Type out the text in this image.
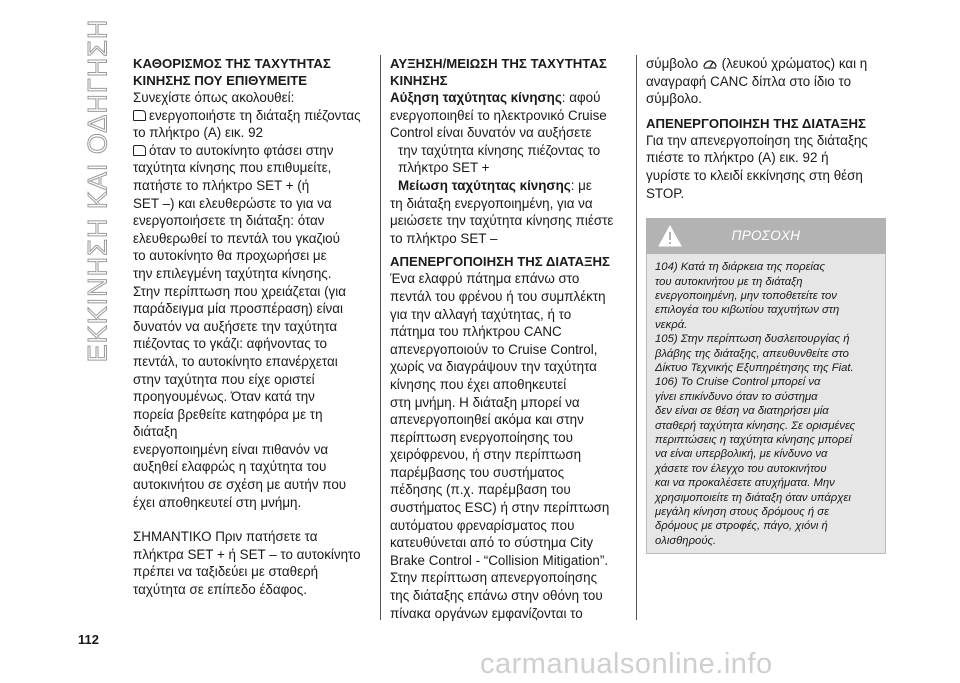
ΕΚΚΙΝΗΣΗ ΚΑΙ ΟΔΗΓΗΣΗ
112
ΚΑΘΟΡΙΣΜΟΣ ΤΗΣ ΤΑΧΥΤΗΤΑΣ
ΚΙΝΗΣΗΣ ΠΟΥ ΕΠΙΘΥΜΕΙΤΕ

Συνεχίστε όπως ακολουθεί:

ενεργοποιήστε τη διάταξη πιέζοντας

το πλήκτρο (A) εικ. 92

όταν το αυτοκίνητο φτάσει στην

ταχύτητα κίνησης που επιθυμείτε,

πατήστε το πλήκτρο SET + (ή

SET –) και ελευθερώστε το για να

ενεργοποιήσετε τη διάταξη: όταν

ελευθερωθεί το πεντάλ του γκαζιού

το αυτοκίνητο θα προχωρήσει με

την επιλεγμένη ταχύτητα κίνησης.

Στην περίπτωση που χρειάζεται (για

παράδειγμα μία προσπέραση) είναι

δυνατόν να αυξήσετε την ταχύτητα

πιέζοντας το γκάζι: αφήνοντας το

πεντάλ, το αυτοκίνητο επανέρχεται

στην ταχύτητα που είχε οριστεί

προηγουμένως. Όταν κατά την

πορεία βρεθείτε κατηφόρα με τη διάταξη

ενεργοποιημένη είναι πιθανόν να

αυξηθεί ελαφρώς η ταχύτητα του

αυτοκινήτου σε σχέση με αυτήν που

έχει αποθηκευτεί στη μνήμη.

ΣΗΜΑΝΤΙΚΟ Πριν πατήσετε τα

πλήκτρα SET + ή SET – το αυτοκίνητο

πρέπει να ταξιδεύει με σταθερή

ταχύτητα σε επίπεδο έδαφος.

ΑΥΞΗΣΗ/ΜΕΙΩΣΗ ΤΗΣ ΤΑΧΥΤΗΤΑΣ
ΚΙΝΗΣΗΣ

Αύξηση ταχύτητας κίνησης: αφού

ενεργοποιηθεί το ηλεκτρονικό Cruise

Control είναι δυνατόν να αυξήσετε

την ταχύτητα κίνησης πιέζοντας το

πλήκτρο SET +

Μείωση ταχύτητας κίνησης: με

τη διάταξη ενεργοποιημένη, για να

μειώσετε την ταχύτητα κίνησης πιέστε

το πλήκτρο SET –

ΑΠΕΝΕΡΓΟΠΟΙΗΣΗ ΤΗΣ ΔΙΑΤΑΞΗΣ

Ένα ελαφρύ πάτημα επάνω στο

πεντάλ του φρένου ή του συμπλέκτη

για την αλλαγή ταχύτητας, ή το

πάτημα του πλήκτρου CANC

απενεργοποιούν το Cruise Control,

χωρίς να διαγράψουν την ταχύτητα

κίνησης που έχει αποθηκευτεί

στη μνήμη. Η διάταξη μπορεί να

απενεργοποιηθεί ακόμα και στην

περίπτωση ενεργοποίησης του

χειρόφρενου, ή στην περίπτωση

παρέμβασης του συστήματος

πέδησης (π.χ. παρέμβαση του

συστήματος ESC) ή στην περίπτωση

αυτόματου φρεναρίσματος που

κατευθύνεται από το σύστημα City

Brake Control - “Collision Mitigation”.

Στην περίπτωση απενεργοποίησης

της διάταξης επάνω στην οθόνη του

πίνακα οργάνων εμφανίζονται το

σύμβολο (λευκού χρώματος) και η

αναγραφή CANC δίπλα στο ίδιο το

σύμβολο.

ΑΠΕΝΕΡΓΟΠΟΙΗΣΗ ΤΗΣ ΔΙΑΤΑΞΗΣ

Για την απενεργοποίηση της διάταξης

πιέστε το πλήκτρο (A) εικ. 92 ή

γυρίστε το κλειδί εκκίνησης στη θέση

STOP.

ΠΡΟΣΟΧΗ

104) Κατά τη διάρκεια της πορείας

του αυτοκινήτου με τη διάταξη

ενεργοποιημένη, μην τοποθετείτε τον

επιλογέα του κιβωτίου ταχυτήτων στη

νεκρά.

105) Στην περίπτωση δυσλειτουργίας ή

βλάβης της διάταξης, απευθυνθείτε στο

Δίκτυο Τεχνικής Εξυπηρέτησης της Fiat.

106) Το Cruise Control μπορεί να

γίνει επικίνδυνο όταν το σύστημα

δεν είναι σε θέση να διατηρήσει μία

σταθερή ταχύτητα κίνησης. Σε ορισμένες

περιπτώσεις η ταχύτητα κίνησης μπορεί

να είναι υπερβολική, με κίνδυνο να

χάσετε τον έλεγχο του αυτοκινήτου

και να προκαλέσετε ατυχήματα. Μην

χρησιμοποιείτε τη διάταξη όταν υπάρχει

μεγάλη κίνηση στους δρόμους ή σε

δρόμους με στροφές, πάγο, χιόνι ή

ολισθηρούς.

carmanualsonline.info
